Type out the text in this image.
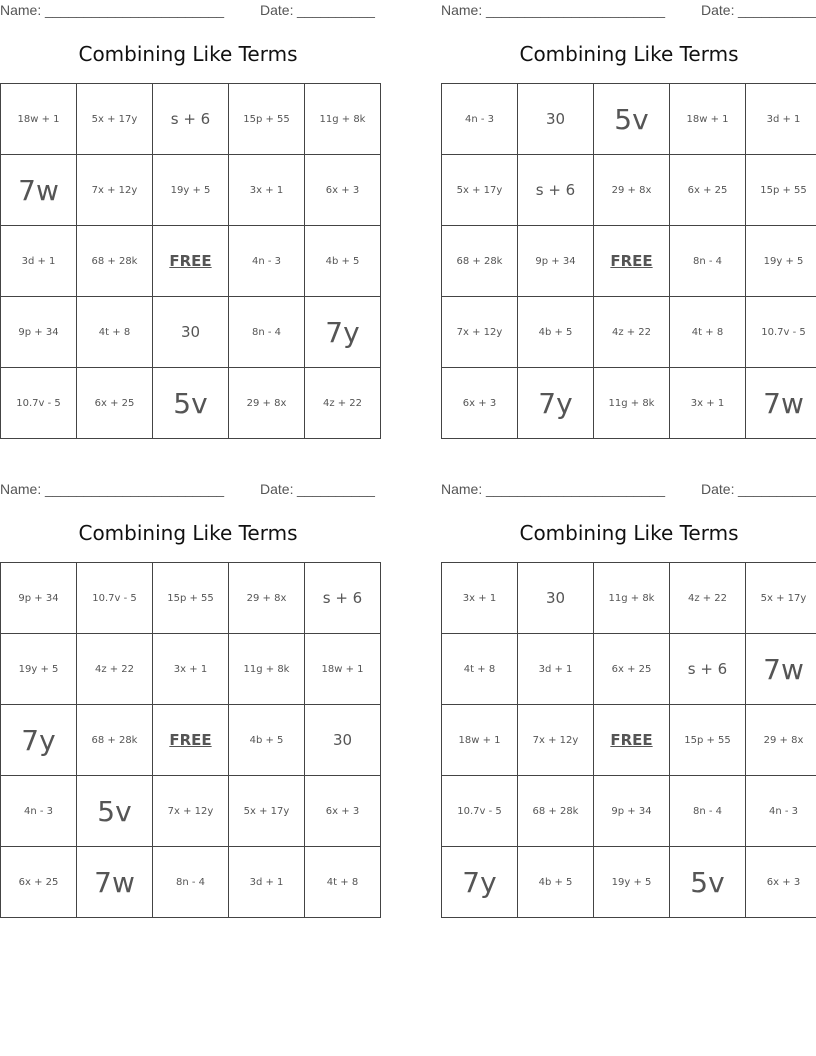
Name: _______________________	Date: __________
Combining Like Terms
18w + 1	5x + 17y	s + 6	15p + 55	11g + 8k
7w	7x + 12y	19y + 5	3x + 1	6x + 3
3d + 1	68 + 28k	FREE	4n - 3	4b + 5
9p + 34	4t + 8	30	8n - 4	7y
10.7v - 5	6x + 25	5v	29 + 8x	4z + 22
Name: _______________________	Date: __________
Combining Like Terms
4n - 3	30	5v	18w + 1	3d + 1
5x + 17y	s + 6	29 + 8x	6x + 25	15p + 55
68 + 28k	9p + 34	FREE	8n - 4	19y + 5
7x + 12y	4b + 5	4z + 22	4t + 8	10.7v - 5
6x + 3	7y	11g + 8k	3x + 1	7w
Name: _______________________	Date: __________
Combining Like Terms
9p + 34	10.7v - 5	15p + 55	29 + 8x	s + 6
19y + 5	4z + 22	3x + 1	11g + 8k	18w + 1
7y	68 + 28k	FREE	4b + 5	30
4n - 3	5v	7x + 12y	5x + 17y	6x + 3
6x + 25	7w	8n - 4	3d + 1	4t + 8
Name: _______________________	Date: __________
Combining Like Terms
3x + 1	30	11g + 8k	4z + 22	5x + 17y
4t + 8	3d + 1	6x + 25	s + 6	7w
18w + 1	7x + 12y	FREE	15p + 55	29 + 8x
10.7v - 5	68 + 28k	9p + 34	8n - 4	4n - 3
7y	4b + 5	19y + 5	5v	6x + 3
